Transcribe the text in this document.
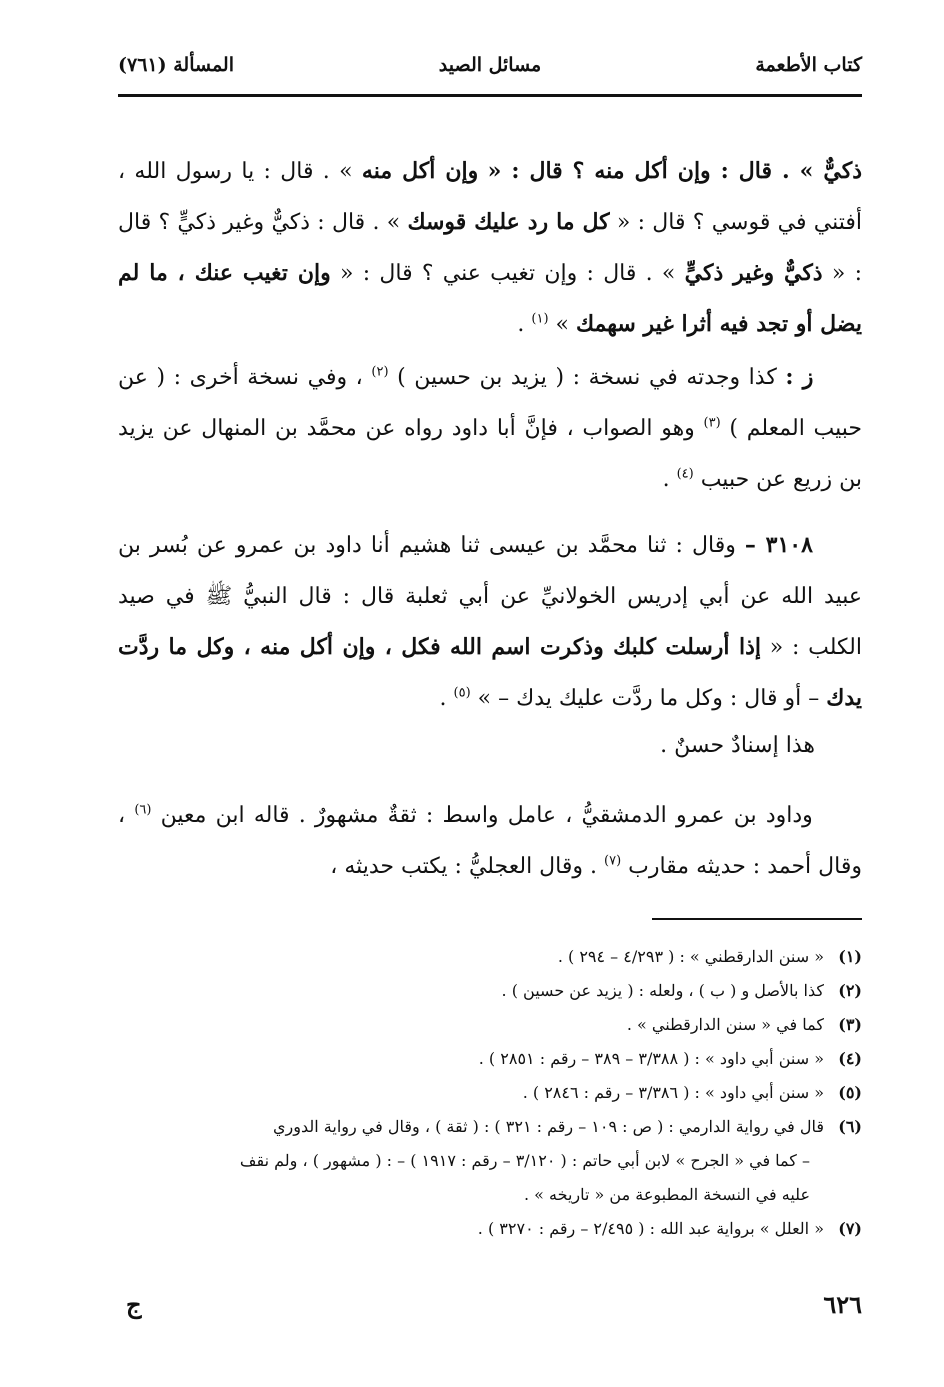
كتاب الأطعمة
مسائل الصيد
المسألة (٧٦١)
ذكيٌّ » . قال : وإن أكل منه ؟ قال : « وإن أكل منه » . قال : يا رسول الله ، أفتني في قوسي ؟ قال : « كل ما رد عليك قوسك » . قال : ذكيٌّ وغير ذكيٍّ ؟ قال : « ذكيٌّ وغير ذكيٍّ » . قال : وإن تغيب عني ؟ قال : « وإن تغيب عنك ، ما لم يضل أو تجد فيه أثرا غير سهمك » $^{(١)}$ .
ز : كذا وجدته في نسخة : ( يزيد بن حسين ) $^{(٢)}$ ، وفي نسخة أخرى : ( عن حبيب المعلم ) $^{(٣)}$ وهو الصواب ، فإنَّ أبا داود رواه عن محمَّد بن المنهال عن يزيد بن زريع عن حبيب $^{(٤)}$ .
٣١٠٨ – وقال : ثنا محمَّد بن عيسى ثنا هشيم أنا داود بن عمرو عن بُسر بن عبيد الله عن أبي إدريس الخولانيِّ عن أبي ثعلبة قال : قال النبيُّ ﷺ في صيد الكلب : « إذا أرسلت كلبك وذكرت اسم الله فكل ، وإن أكل منه ، وكل ما ردَّت يدك – أو قال : وكل ما ردَّت عليك يدك – » $^{(٥)}$ .
هذا إسنادٌ حسنٌ .
وداود بن عمرو الدمشقيُّ ، عامل واسط : ثقةٌ مشهورٌ . قاله ابن معين $^{(٦)}$ ، وقال أحمد : حديثه مقارب $^{(٧)}$ . وقال العجليُّ : يكتب حديثه ،
(١)
« سنن الدارقطني » : ( ٤/٢٩٣ – ٢٩٤ ) .
(٢)
كذا بالأصل و ( ب ) ، ولعله : ( يزيد عن حسين ) .
(٣)
كما في « سنن الدارقطني » .
(٤)
« سنن أبي داود » : ( ٣/٣٨٨ – ٣٨٩ – رقم : ٢٨٥١ ) .
(٥)
« سنن أبي داود » : ( ٣/٣٨٦ – رقم : ٢٨٤٦ ) .
(٦)
قال في رواية الدارمي : ( ص : ١٠٩ – رقم : ٣٢١ ) : ( ثقة ) ، وقال في رواية الدوري
– كما في « الجرح » لابن أبي حاتم : ( ٣/١٢٠ – رقم : ١٩١٧ ) – : ( مشهور ) ، ولم نقف
عليه في النسخة المطبوعة من « تاريخه » .
(٧)
« العلل » برواية عبد الله : ( ٢/٤٩٥ – رقم : ٣٢٧٠ ) .
٦٢٦
ج
